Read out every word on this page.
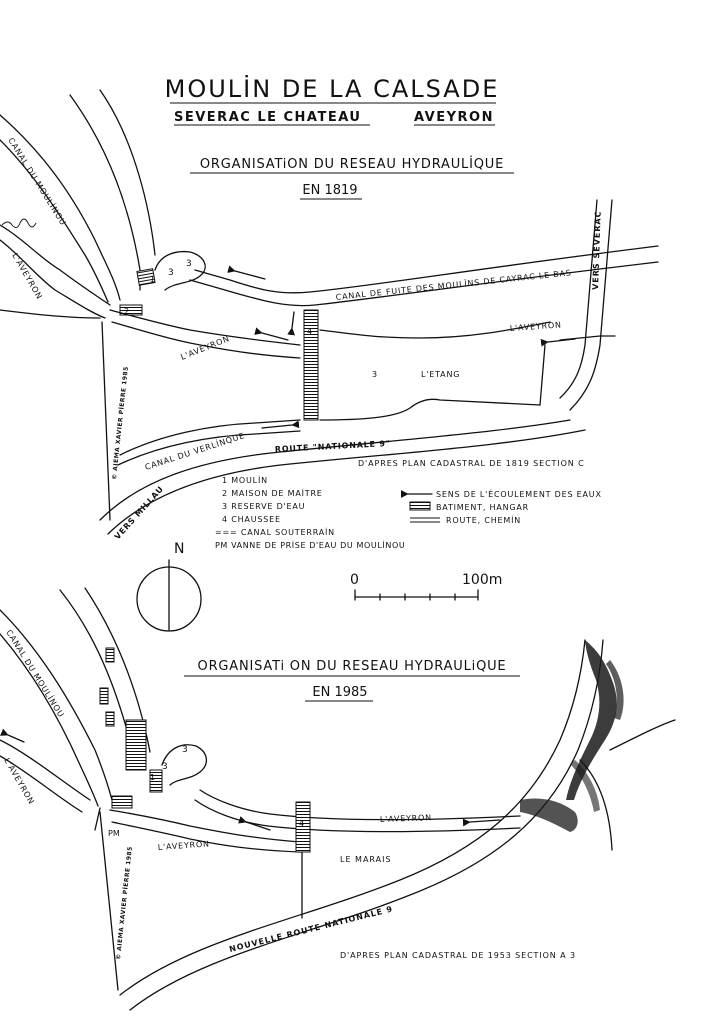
MOULİN DE LA CALSADE
SEVERAC LE CHATEAU	AVEYRON
ORGANISATiON DU RESEAU HYDRAULİQUE
EN 1819
CANAL DU MOULİNOU
L'AVEYRON	1
2
3
3
CANAL DE FUITE DES MOULİNS DE CAYRAC LE BAS VERS SEVERAC
L'AVEYRON
3	L'ETANG
4
L'AVEYRON
CANAL DU VERLİNQUE	ROUTE "NATIONALE 9"
VERS MILLAU
© AIEMA XAVIER PİERRE 1985	D'APRES PLAN CADASTRAL DE 1819 SECTION C
1 MOULİN
2 MAISON DE MAİTRE
3 RESERVE D'EAU
4 CHAUSSEE
=== CANAL SOUTERRAİN
PM VANNE DE PRİSE D'EAU DU MOULİNOU
SENS DE L'ÉCOULEMENT DES EAUX
BATIMENT, HANGAR
ROUTE, CHEMİN
N
0	100m
ORGANISATi ON DU RESEAU HYDRAULiQUE
EN 1985
CANAL DU MOULİNOU
L'AVEYRON	1
3
3
PM
L'AVEYRON
L'AVEYRON
4
LE MARAIS
NOUVELLE ROUTE NATIONALE 9
© AIEMA XAVIER PİERRE 1985	D'APRES PLAN CADASTRAL DE 1953 SECTION A 3
